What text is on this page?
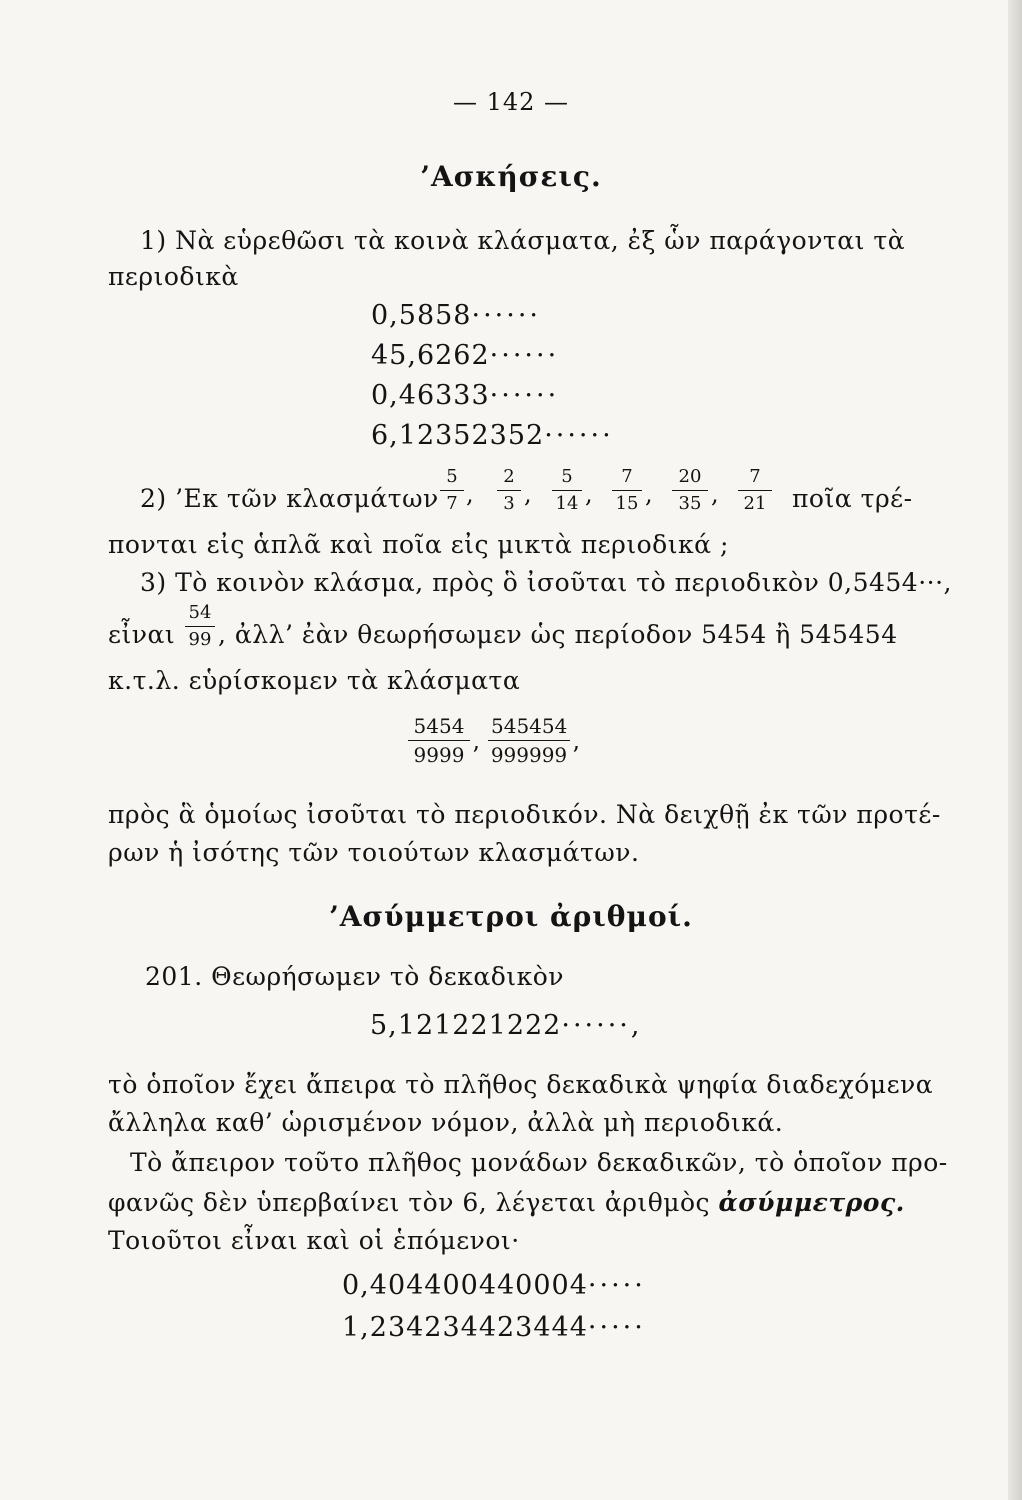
— 142 —
’Ασκήσεις.
1) Νὰ εὑρεθῶσι τὰ κοινὰ κλάσματα, ἐξ ὧν παράγονται τὰ
περιοδικὰ
0,5858······
45,6262······
0,46333······
6,12352352······
2) ’Εκ τῶν κλασμάτων $\frac{5}{7}$ , $\frac{2}{3}$ , $\frac{5}{14}$ , $\frac{7}{15}$ , $\frac{20}{35}$ , $\frac{7}{21}$ ποῖα τρέ-
πονται εἰς ἁπλᾶ καὶ ποῖα εἰς μικτὰ περιοδικά ;
3) Τὸ κοινὸν κλάσμα, πρὸς ὃ ἰσοῦται τὸ περιοδικὸν 0,5454···,
εἶναι $\frac{54}{99}$ , ἀλλ’ ἐὰν θεωρήσωμεν ὡς περίοδον 5454 ἢ 545454
κ.τ.λ. εὑρίσκομεν τὰ κλάσματα
$\frac{5454}{9999}$ ’ $\frac{545454}{999999}$ ’
πρὸς ἃ ὁμοίως ἰσοῦται τὸ περιοδικόν. Νὰ δειχθῇ ἐκ τῶν προτέ-
ρων ἡ ἰσότης τῶν τοιούτων κλασμάτων.
’Ασύμμετροι ἀριθμοί.
201. Θεωρήσωμεν τὸ δεκαδικὸν
5,121221222······,
τὸ ὁποῖον ἔχει ἄπειρα τὸ πλῆθος δεκαδικὰ ψηφία διαδεχόμενα
ἄλληλα καθ’ ὡρισμένον νόμον, ἀλλὰ μὴ περιοδικά.
Τὸ ἄπειρον τοῦτο πλῆθος μονάδων δεκαδικῶν, τὸ ὁποῖον προ-
φανῶς δὲν ὑπερβαίνει τὸν 6, λέγεται ἀριθμὸς ἀσύμμετρος.
Τοιοῦτοι εἶναι καὶ οἱ ἑπόμενοι·
0,404400440004·····
1,234234423444·····
